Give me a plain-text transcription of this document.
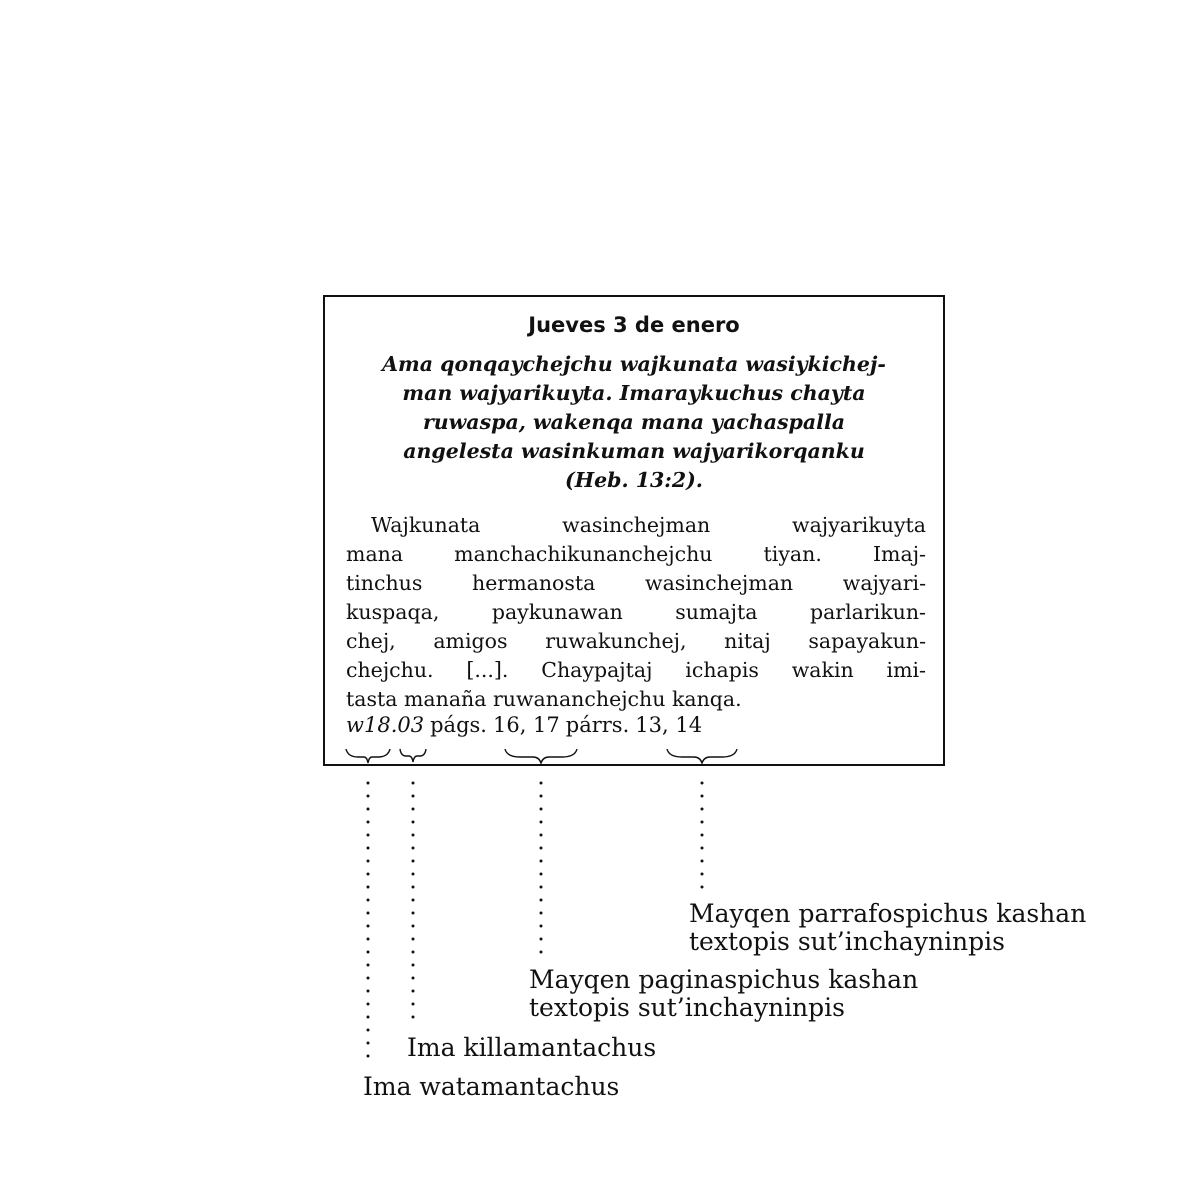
Jueves 3 de enero
Ama qonqaychejchu wajkunata wasiykichej-
man wajyarikuyta. Imaraykuchus chayta
ruwaspa, wakenqa mana yachaspalla
angelesta wasinkuman wajyarikorqanku
(Heb. 13:2).
Wajkunata wasinchejman wajyarikuyta
mana manchachikunanchejchu tiyan. Imaj-
tinchus hermanosta wasinchejman wajyari-
kuspaqa, paykunawan sumajta parlarikun-
chej, amigos ruwakunchej, nitaj sapayakun-
chejchu. [...]. Chaypajtaj ichapis wakin imi-
tasta manaña ruwananchejchu kanqa.
w18.03 págs. 16, 17 párrs. 13, 14
Mayqen parrafospichus kashan
textopis sut’inchayninpis
Mayqen paginaspichus kashan
textopis sut’inchayninpis
Ima killamantachus
Ima watamantachus
